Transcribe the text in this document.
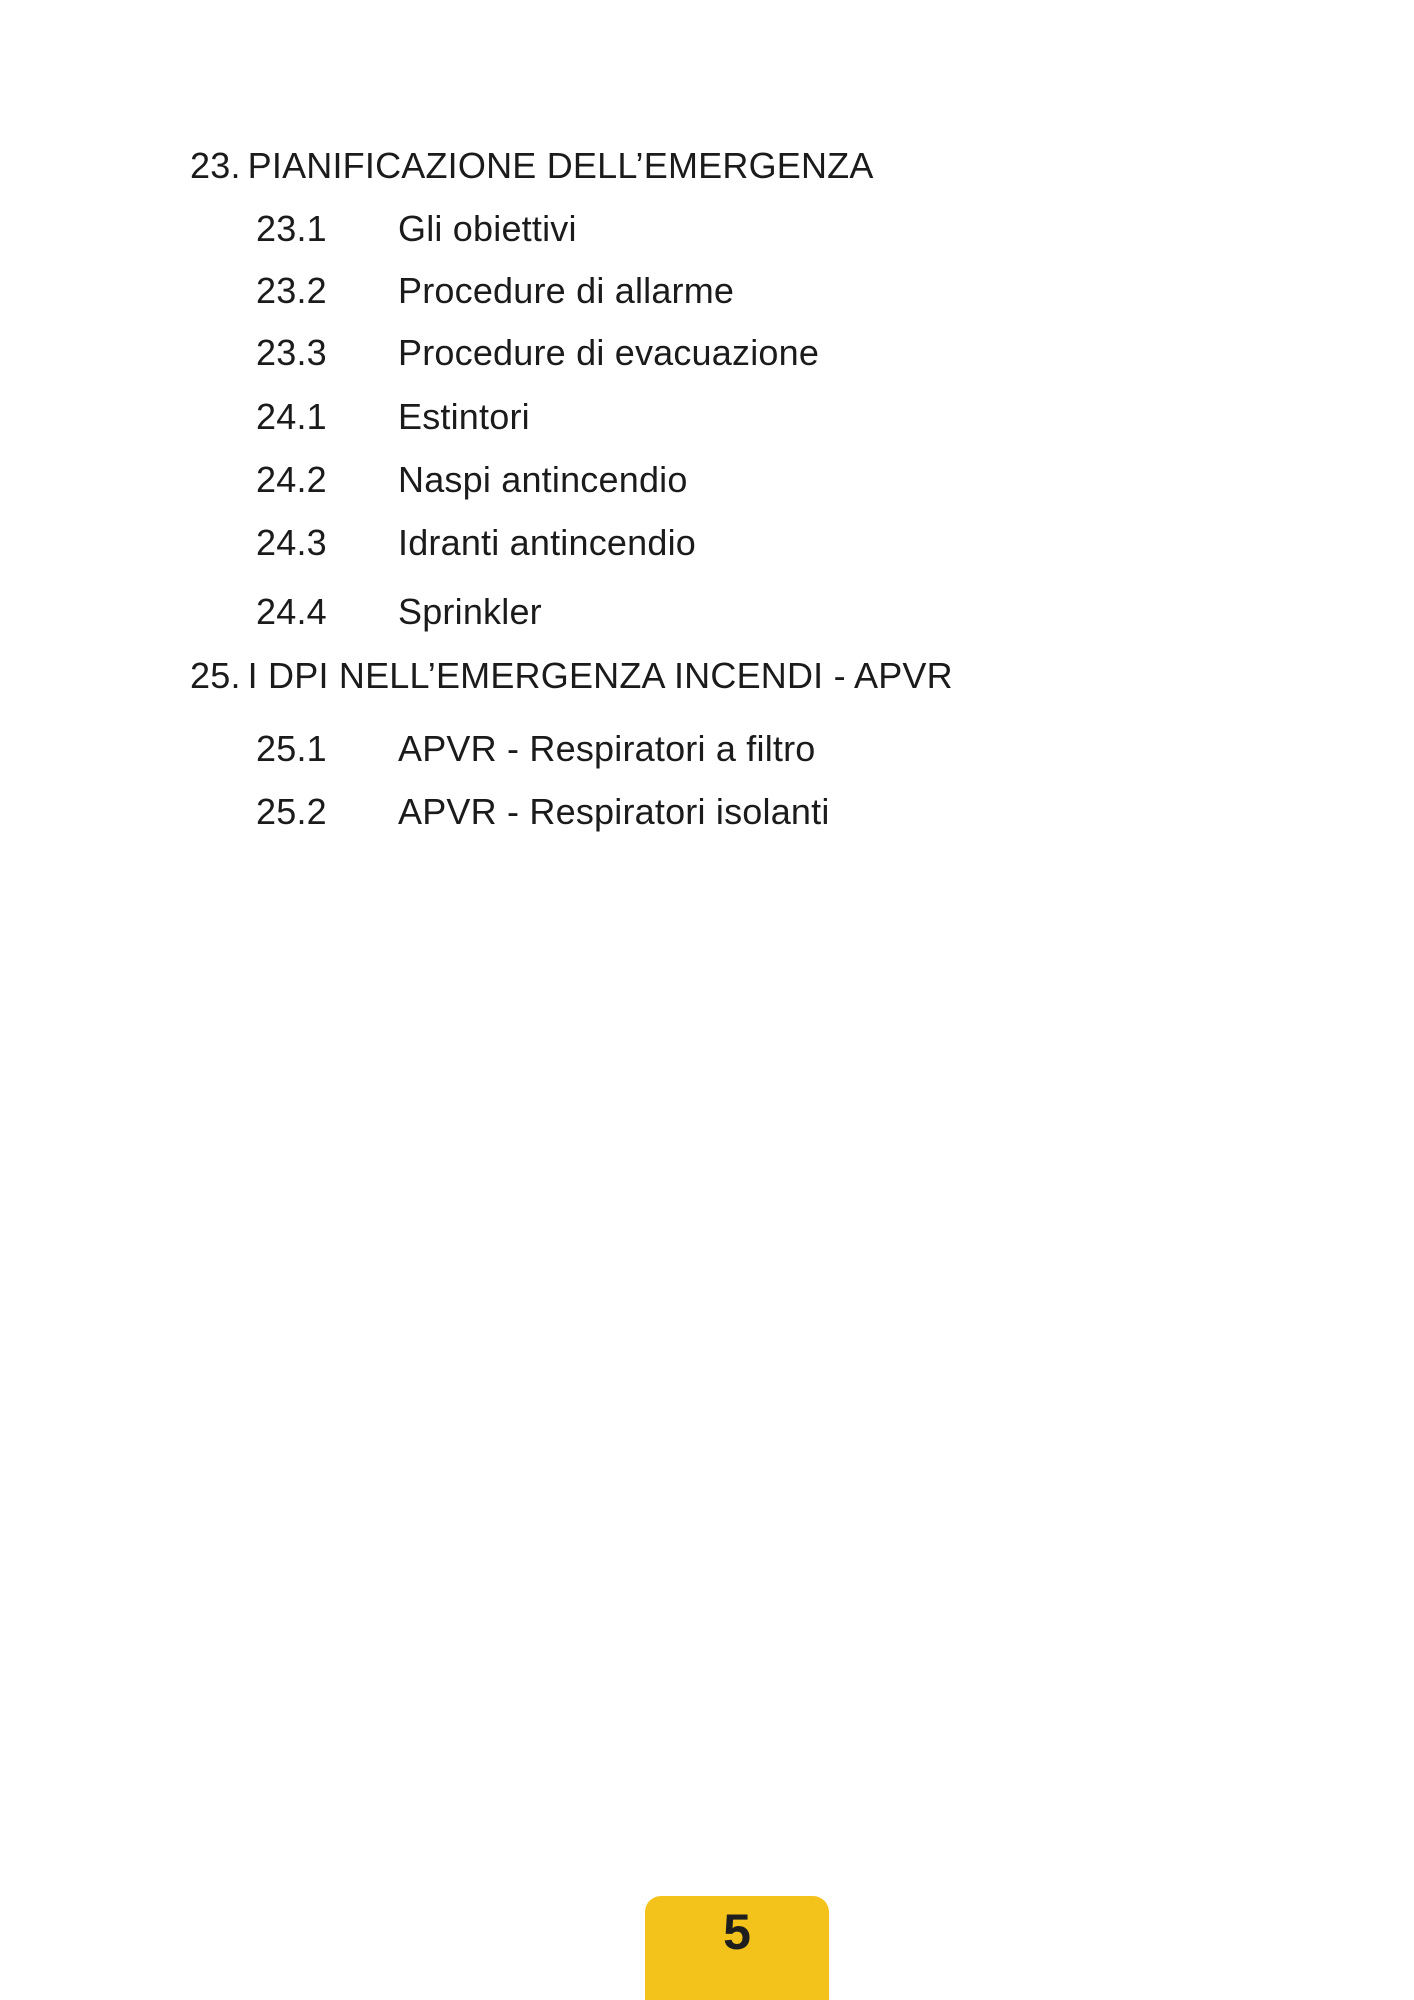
23. PIANIFICAZIONE DELL’EMERGENZA
23.1 Gli obiettivi
23.2 Procedure di allarme
23.3 Procedure di evacuazione
24.1 Estintori
24.2 Naspi antincendio
24.3 Idranti antincendio
24.4 Sprinkler
25. I DPI NELL’EMERGENZA INCENDI - APVR
25.1 APVR - Respiratori a filtro
25.2 APVR - Respiratori isolanti
5
